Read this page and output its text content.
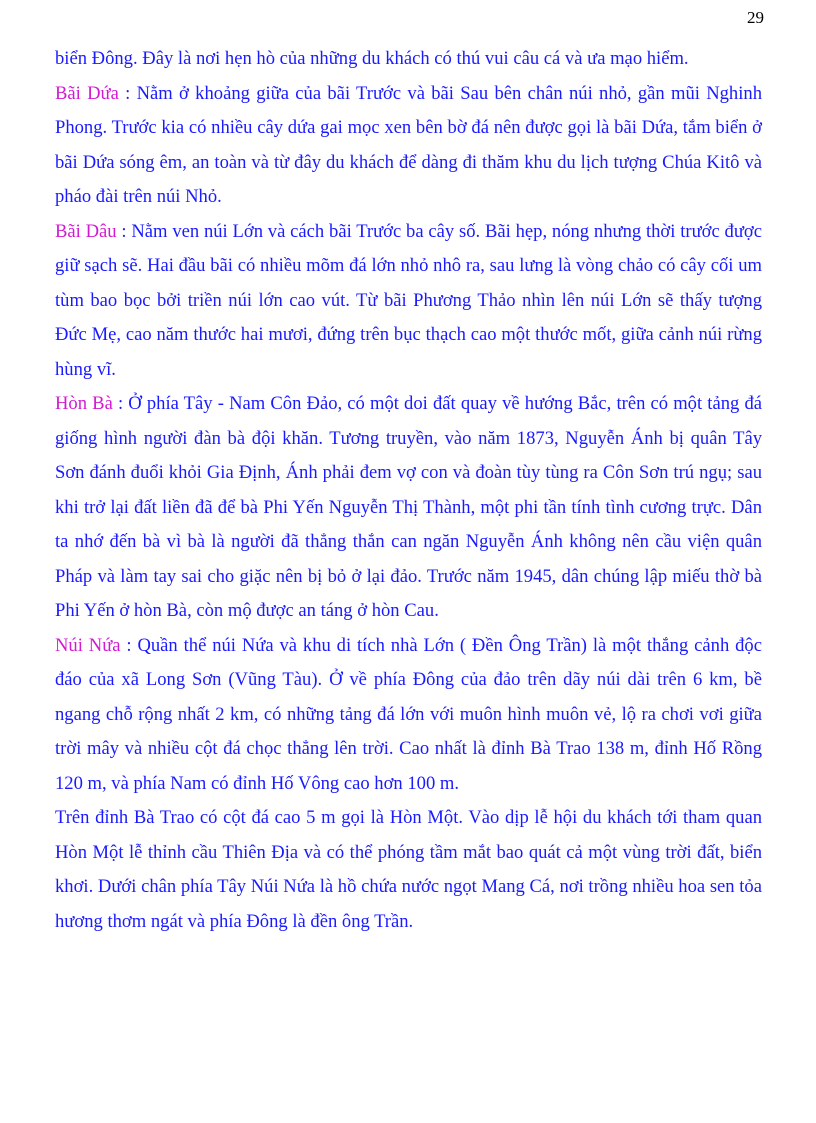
29

biển Đông. Đây là nơi hẹn hò của những du khách có thú vui câu cá và ưa mạo hiểm.

Bãi Dứa : Nằm ở khoảng giữa của bãi Trước và bãi Sau bên chân núi nhỏ, gần mũi Nghinh Phong. Trước kia có nhiều cây dứa gai mọc xen bên bờ đá nên được gọi là bãi Dứa, tắm biển ở bãi Dứa sóng êm, an toàn và từ đây du khách để dàng đi thăm khu du lịch tượng Chúa Kitô và pháo đài trên núi Nhỏ.

Bãi Dâu : Nằm ven núi Lớn và cách bãi Trước ba cây số. Bãi hẹp, nóng nhưng thời trước được giữ sạch sẽ. Hai đầu bãi có nhiều mõm đá lớn nhỏ nhô ra, sau lưng là vòng chảo có cây cối um tùm bao bọc bởi triền núi lớn cao vút. Từ bãi Phương Thảo nhìn lên núi Lớn sẽ thấy tượng Đức Mẹ, cao năm thước hai mươi, đứng trên bục thạch cao một thước mốt, giữa cảnh núi rừng hùng vĩ.

Hòn Bà : Ở phía Tây - Nam Côn Đảo, có một doi đất quay về hướng Bắc, trên có một tảng đá giống hình người đàn bà đội khăn. Tương truyền, vào năm 1873, Nguyễn Ánh bị quân Tây Sơn đánh đuổi khỏi Gia Định, Ánh phải đem vợ con và đoàn tùy tùng ra Côn Sơn trú ngụ; sau khi trở lại đất liền đã để bà Phi Yến Nguyễn Thị Thành, một phi tần tính tình cương trực. Dân ta nhớ đến bà vì bà là người đã thẳng thắn can ngăn Nguyễn Ánh không nên cầu viện quân Pháp và làm tay sai cho giặc nên bị bỏ ở lại đảo. Trước năm 1945, dân chúng lập miếu thờ bà Phi Yến ở hòn Bà, còn mộ được an táng ở hòn Cau.

Núi Nứa : Quần thể núi Nứa và khu di tích nhà Lớn ( Đền Ông Trần) là một thắng cảnh độc đáo của xã Long Sơn (Vũng Tàu). Ở về phía Đông của đảo trên dãy núi dài trên 6 km, bề ngang chỗ rộng nhất 2 km, có những tảng đá lớn với muôn hình muôn vẻ, lộ ra chơi vơi giữa trời mây và nhiều cột đá chọc thẳng lên trời. Cao nhất là đỉnh Bà Trao 138 m, đỉnh Hố Rồng 120 m, và phía Nam có đỉnh Hố Vông cao hơn 100 m.

Trên đỉnh Bà Trao có cột đá cao 5 m gọi là Hòn Một. Vào dịp lễ hội du khách tới tham quan Hòn Một lễ thỉnh cầu Thiên Địa và có thể phóng tầm mắt bao quát cả một vùng trời đất, biển khơi. Dưới chân phía Tây Núi Nứa là hồ chứa nước ngọt Mang Cá, nơi trồng nhiều hoa sen tỏa hương thơm ngát và phía Đông là đền ông Trần.
